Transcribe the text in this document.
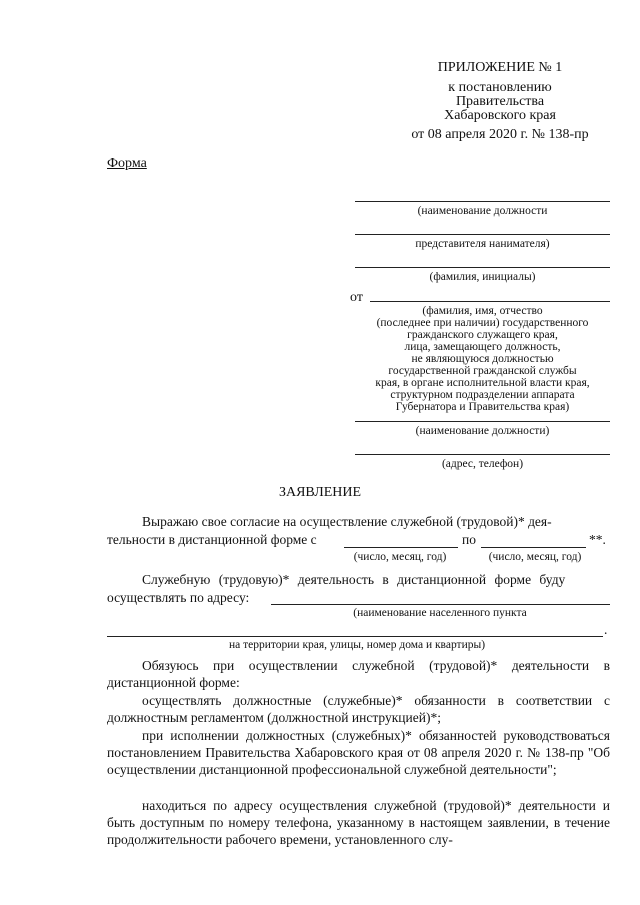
ПРИЛОЖЕНИЕ № 1
к постановлению
Правительства
Хабаровского края
от 08 апреля 2020 г. № 138-пр
Форма
(наименование должности
представителя нанимателя)
(фамилия, инициалы)
от
(фамилия, имя, отчество
(последнее при наличии) государственного
гражданского служащего края,
лица, замещающего должность,
не являющуюся должностью
государственной гражданской службы
края, в органе исполнительной власти края,
структурном подразделении аппарата
Губернатора и Правительства края)
(наименование должности)
(адрес, телефон)
ЗАЯВЛЕНИЕ
Выражаю свое согласие на осуществление служебной (трудовой)* дея-
тельности в дистанционной форме с	по	**.
(число, месяц, год)	(число, месяц, год)
Служебную (трудовую)* деятельность в дистанционной форме буду
осуществлять по адресу:
(наименование населенного пункта
.
на территории края, улицы, номер дома и квартиры)
Обязуюсь при осуществлении служебной (трудовой)* деятельности в дистанционной форме:
осуществлять должностные (служебные)* обязанности в соответствии с должностным регламентом (должностной инструкцией)*;
при исполнении должностных (служебных)* обязанностей руководствоваться постановлением Правительства Хабаровского края от 08 апреля 2020 г. № 138-пр "Об осуществлении дистанционной профессиональной служебной деятельности";
находиться по адресу осуществления служебной (трудовой)* деятельности и быть доступным по номеру телефона, указанному в настоящем заявлении, в течение продолжительности рабочего времени, установленного слу-
